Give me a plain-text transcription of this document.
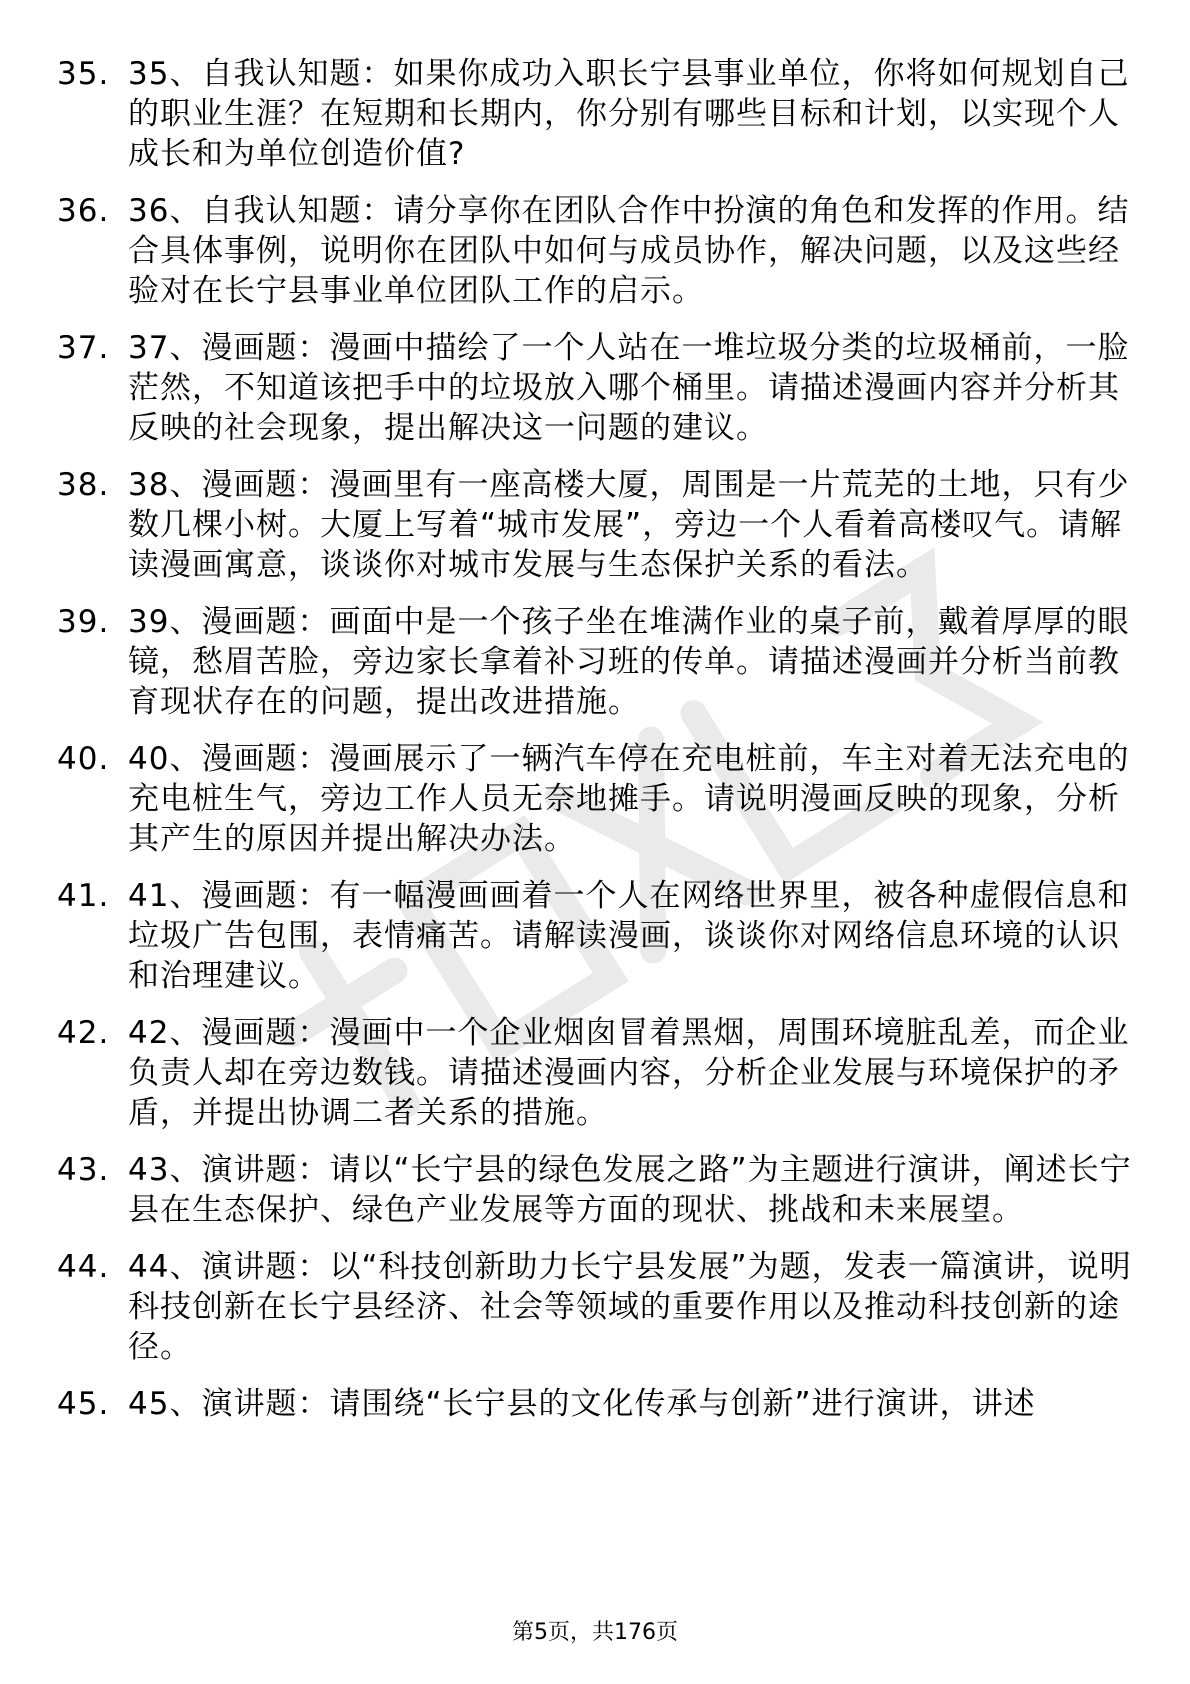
35. 35、自我认知题：如果你成功入职长宁县事业单位，你将如何规划自己的职业生涯？在短期和长期内，你分别有哪些目标和计划，以实现个人成长和为单位创造价值?
36. 36、自我认知题：请分享你在团队合作中扮演的角色和发挥的作用。结合具体事例，说明你在团队中如何与成员协作，解决问题，以及这些经验对在长宁县事业单位团队工作的启示。
37. 37、漫画题：漫画中描绘了一个人站在一堆垃圾分类的垃圾桶前，一脸茫然，不知道该把手中的垃圾放入哪个桶里。请描述漫画内容并分析其反映的社会现象，提出解决这一问题的建议。
38. 38、漫画题：漫画里有一座高楼大厦，周围是一片荒芜的土地，只有少数几棵小树。大厦上写着“城市发展”，旁边一个人看着高楼叹气。请解读漫画寓意，谈谈你对城市发展与生态保护关系的看法。
39. 39、漫画题：画面中是一个孩子坐在堆满作业的桌子前，戴着厚厚的眼镜，愁眉苦脸，旁边家长拿着补习班的传单。请描述漫画并分析当前教育现状存在的问题，提出改进措施。
40. 40、漫画题：漫画展示了一辆汽车停在充电桩前，车主对着无法充电的充电桩生气，旁边工作人员无奈地摊手。请说明漫画反映的现象，分析其产生的原因并提出解决办法。
41. 41、漫画题：有一幅漫画画着一个人在网络世界里，被各种虚假信息和垃圾广告包围，表情痛苦。请解读漫画，谈谈你对网络信息环境的认识和治理建议。
42. 42、漫画题：漫画中一个企业烟囱冒着黑烟，周围环境脏乱差，而企业负责人却在旁边数钱。请描述漫画内容，分析企业发展与环境保护的矛盾，并提出协调二者关系的措施。
43. 43、演讲题：请以“长宁县的绿色发展之路”为主题进行演讲，阐述长宁县在生态保护、绿色产业发展等方面的现状、挑战和未来展望。
44. 44、演讲题：以“科技创新助力长宁县发展”为题，发表一篇演讲，说明科技创新在长宁县经济、社会等领域的重要作用以及推动科技创新的途径。
45. 45、演讲题：请围绕“长宁县的文化传承与创新”进行演讲，讲述
第5页，共176页
